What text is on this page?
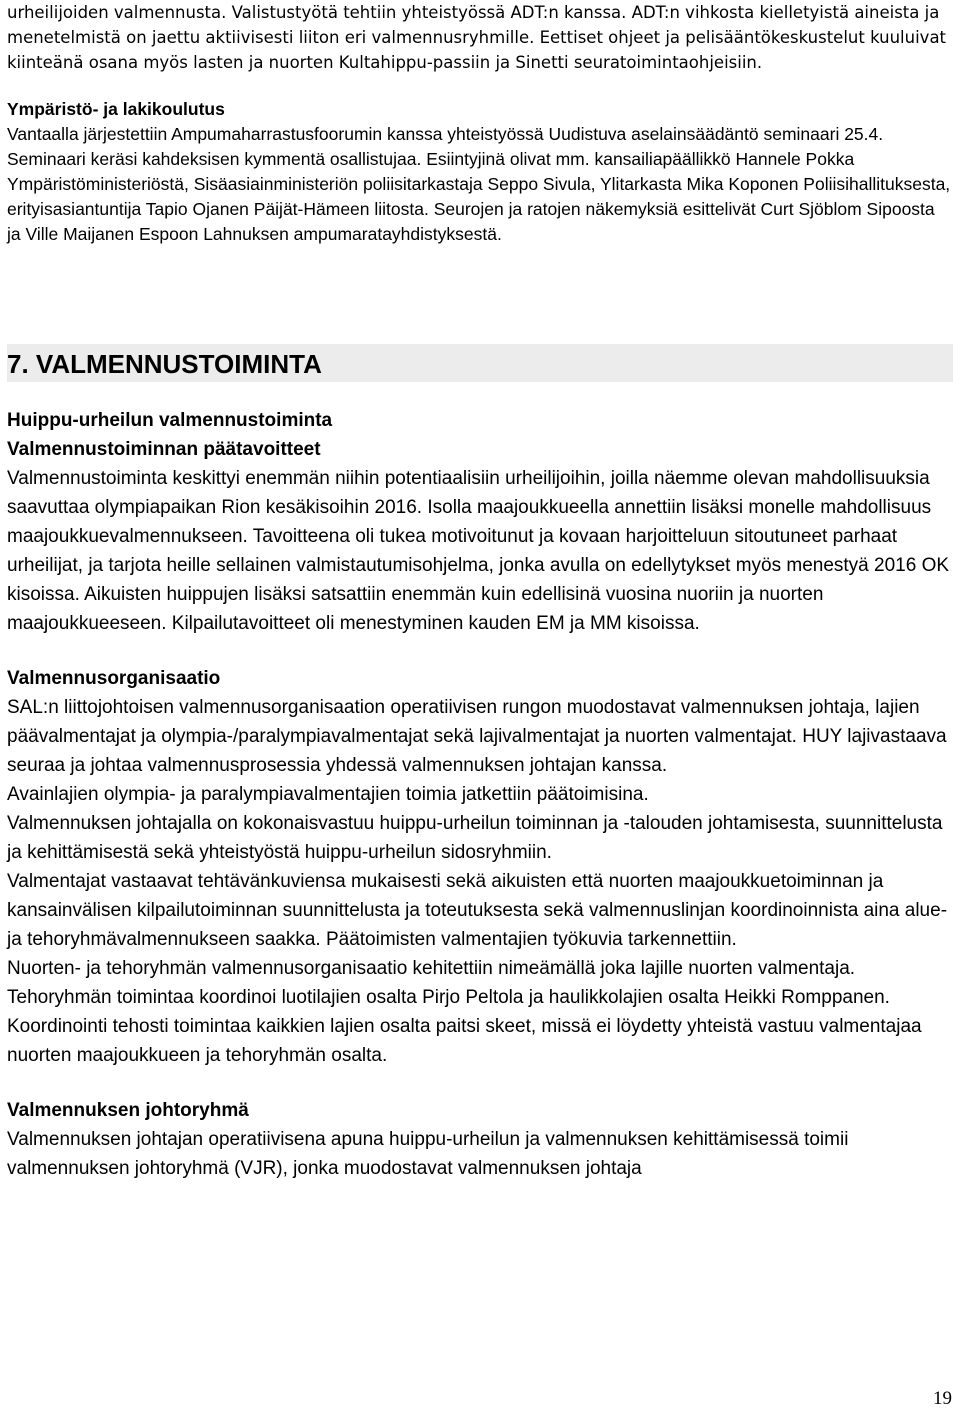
urheilijoiden valmennusta. Valistustyötä tehtiin yhteistyössä ADT:n kanssa. ADT:n vihkosta kielletyistä aineista ja menetelmistä on jaettu aktiivisesti liiton eri valmennusryhmille. Eettiset ohjeet ja pelisääntökeskustelut kuuluivat kiinteänä osana myös lasten ja nuorten Kultahippu-passiin ja Sinetti seuratoimintaohjeisiin.

Ympäristö- ja lakikoulutus

Vantaalla järjestettiin Ampumaharrastusfoorumin kanssa yhteistyössä Uudistuva aselainsäädäntö seminaari 25.4. Seminaari keräsi kahdeksisen kymmentä osallistujaa. Esiintyjinä olivat mm. kansailiapäällikkö Hannele Pokka Ympäristöministeriöstä, Sisäasiainministeriön poliisitarkastaja Seppo Sivula, Ylitarkasta Mika Koponen Poliisihallituksesta, erityisasiantuntija Tapio Ojanen Päijät-Hämeen liitosta. Seurojen ja ratojen näkemyksiä esittelivät Curt Sjöblom Sipoosta ja Ville Maijanen Espoon Lahnuksen ampumaratayhdistyksestä.

7. VALMENNUSTOIMINTA

Huippu-urheilun valmennustoiminta

Valmennustoiminnan päätavoitteet

Valmennustoiminta keskittyi enemmän niihin potentiaalisiin urheilijoihin, joilla näemme olevan mahdollisuuksia saavuttaa olympiapaikan Rion kesäkisoihin 2016. Isolla maajoukkueella annettiin lisäksi monelle mahdollisuus maajoukkuevalmennukseen. Tavoitteena oli tukea motivoitunut ja kovaan harjoitteluun sitoutuneet parhaat urheilijat, ja tarjota heille sellainen valmistautumisohjelma, jonka avulla on edellytykset myös menestyä 2016 OK kisoissa. Aikuisten huippujen lisäksi satsattiin enemmän kuin edellisinä vuosina nuoriin ja nuorten maajoukkueeseen. Kilpailutavoitteet oli menestyminen kauden EM ja MM kisoissa.

Valmennusorganisaatio

SAL:n liittojohtoisen valmennusorganisaation operatiivisen rungon muodostavat valmennuksen johtaja, lajien päävalmentajat ja olympia-/paralympiavalmentajat sekä lajivalmentajat ja nuorten valmentajat. HUY lajivastaava seuraa ja johtaa valmennusprosessia yhdessä valmennuksen johtajan kanssa.

Avainlajien olympia- ja paralympiavalmentajien toimia jatkettiin päätoimisina.

Valmennuksen johtajalla on kokonaisvastuu huippu-urheilun toiminnan ja -talouden johtamisesta, suunnittelusta ja kehittämisestä sekä yhteistyöstä huippu-urheilun sidosryhmiin.

Valmentajat vastaavat tehtävänkuviensa mukaisesti sekä aikuisten että nuorten maajoukkuetoiminnan ja kansainvälisen kilpailutoiminnan suunnittelusta ja toteutuksesta sekä valmennuslinjan koordinoinnista aina alue- ja tehoryhmävalmennukseen saakka. Päätoimisten valmentajien työkuvia tarkennettiin.

Nuorten- ja tehoryhmän valmennusorganisaatio kehitettiin nimeämällä joka lajille nuorten valmentaja. Tehoryhmän toimintaa koordinoi luotilajien osalta Pirjo Peltola ja haulikkolajien osalta Heikki Romppanen. Koordinointi tehosti toimintaa kaikkien lajien osalta paitsi skeet, missä ei löydetty yhteistä vastuu valmentajaa nuorten maajoukkueen ja tehoryhmän osalta.

Valmennuksen johtoryhmä

Valmennuksen johtajan operatiivisena apuna huippu-urheilun ja valmennuksen kehittämisessä toimii valmennuksen johtoryhmä (VJR), jonka muodostavat valmennuksen johtaja

19
